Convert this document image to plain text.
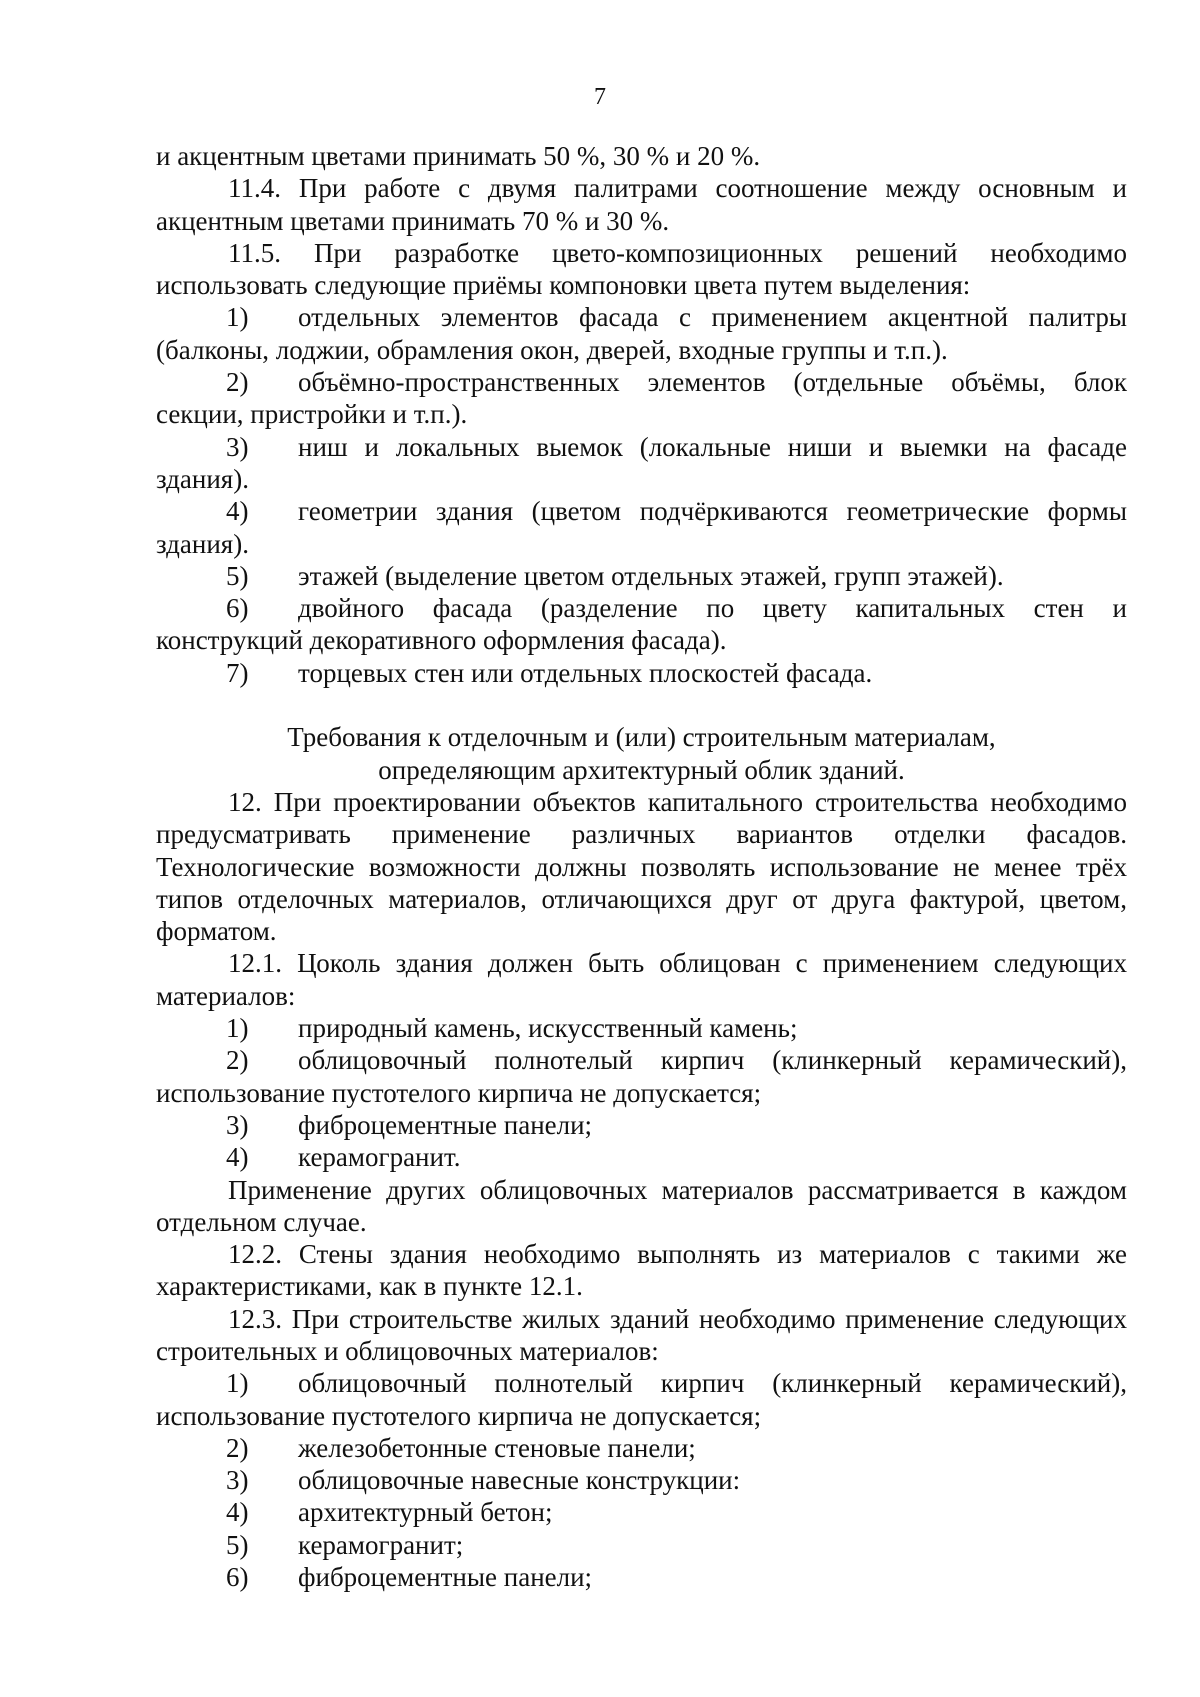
7

и акцентным цветами принимать 50 %, 30 % и 20 %.

11.4. При работе с двумя палитрами соотношение между основным и акцентным цветами принимать 70 % и 30 %.

11.5. При разработке цвето-композиционных решений необходимо использовать следующие приёмы компоновки цвета путем выделения:

1) отдельных элементов фасада с применением акцентной палитры (балконы, лоджии, обрамления окон, дверей, входные группы и т.п.).

2) объёмно-пространственных элементов (отдельные объёмы, блок секции, пристройки и т.п.).

3) ниш и локальных выемок (локальные ниши и выемки на фасаде здания).

4) геометрии здания (цветом подчёркиваются геометрические формы здания).

5)	этажей (выделение цветом отдельных этажей, групп этажей).

6) двойного фасада (разделение по цвету капитальных стен и конструкций декоративного оформления фасада).

7)	торцевых стен или отдельных плоскостей фасада.

Требования к отделочным и (или) строительным материалам,

определяющим архитектурный облик зданий.

12. При проектировании объектов капитального строительства необходимо предусматривать применение различных вариантов отделки фасадов. Технологические возможности должны позволять использование не менее трёх типов отделочных материалов, отличающихся друг от друга фактурой, цветом, форматом.

12.1. Цоколь здания должен быть облицован с применением следующих материалов:

1)	природный камень, искусственный камень;

2) облицовочный полнотелый кирпич (клинкерный керамический), использование пустотелого кирпича не допускается;

3)	фиброцементные панели;

4)	керамогранит.

Применение других облицовочных материалов рассматривается в каждом отдельном случае.

12.2. Стены здания необходимо выполнять из материалов с такими же характеристиками, как в пункте 12.1.

12.3. При строительстве жилых зданий необходимо применение следующих строительных и облицовочных материалов:

1) облицовочный полнотелый кирпич (клинкерный керамический), использование пустотелого кирпича не допускается;

2)	железобетонные стеновые панели;

3)	облицовочные навесные конструкции:

4)	архитектурный бетон;

5)	керамогранит;

6)	фиброцементные панели;
